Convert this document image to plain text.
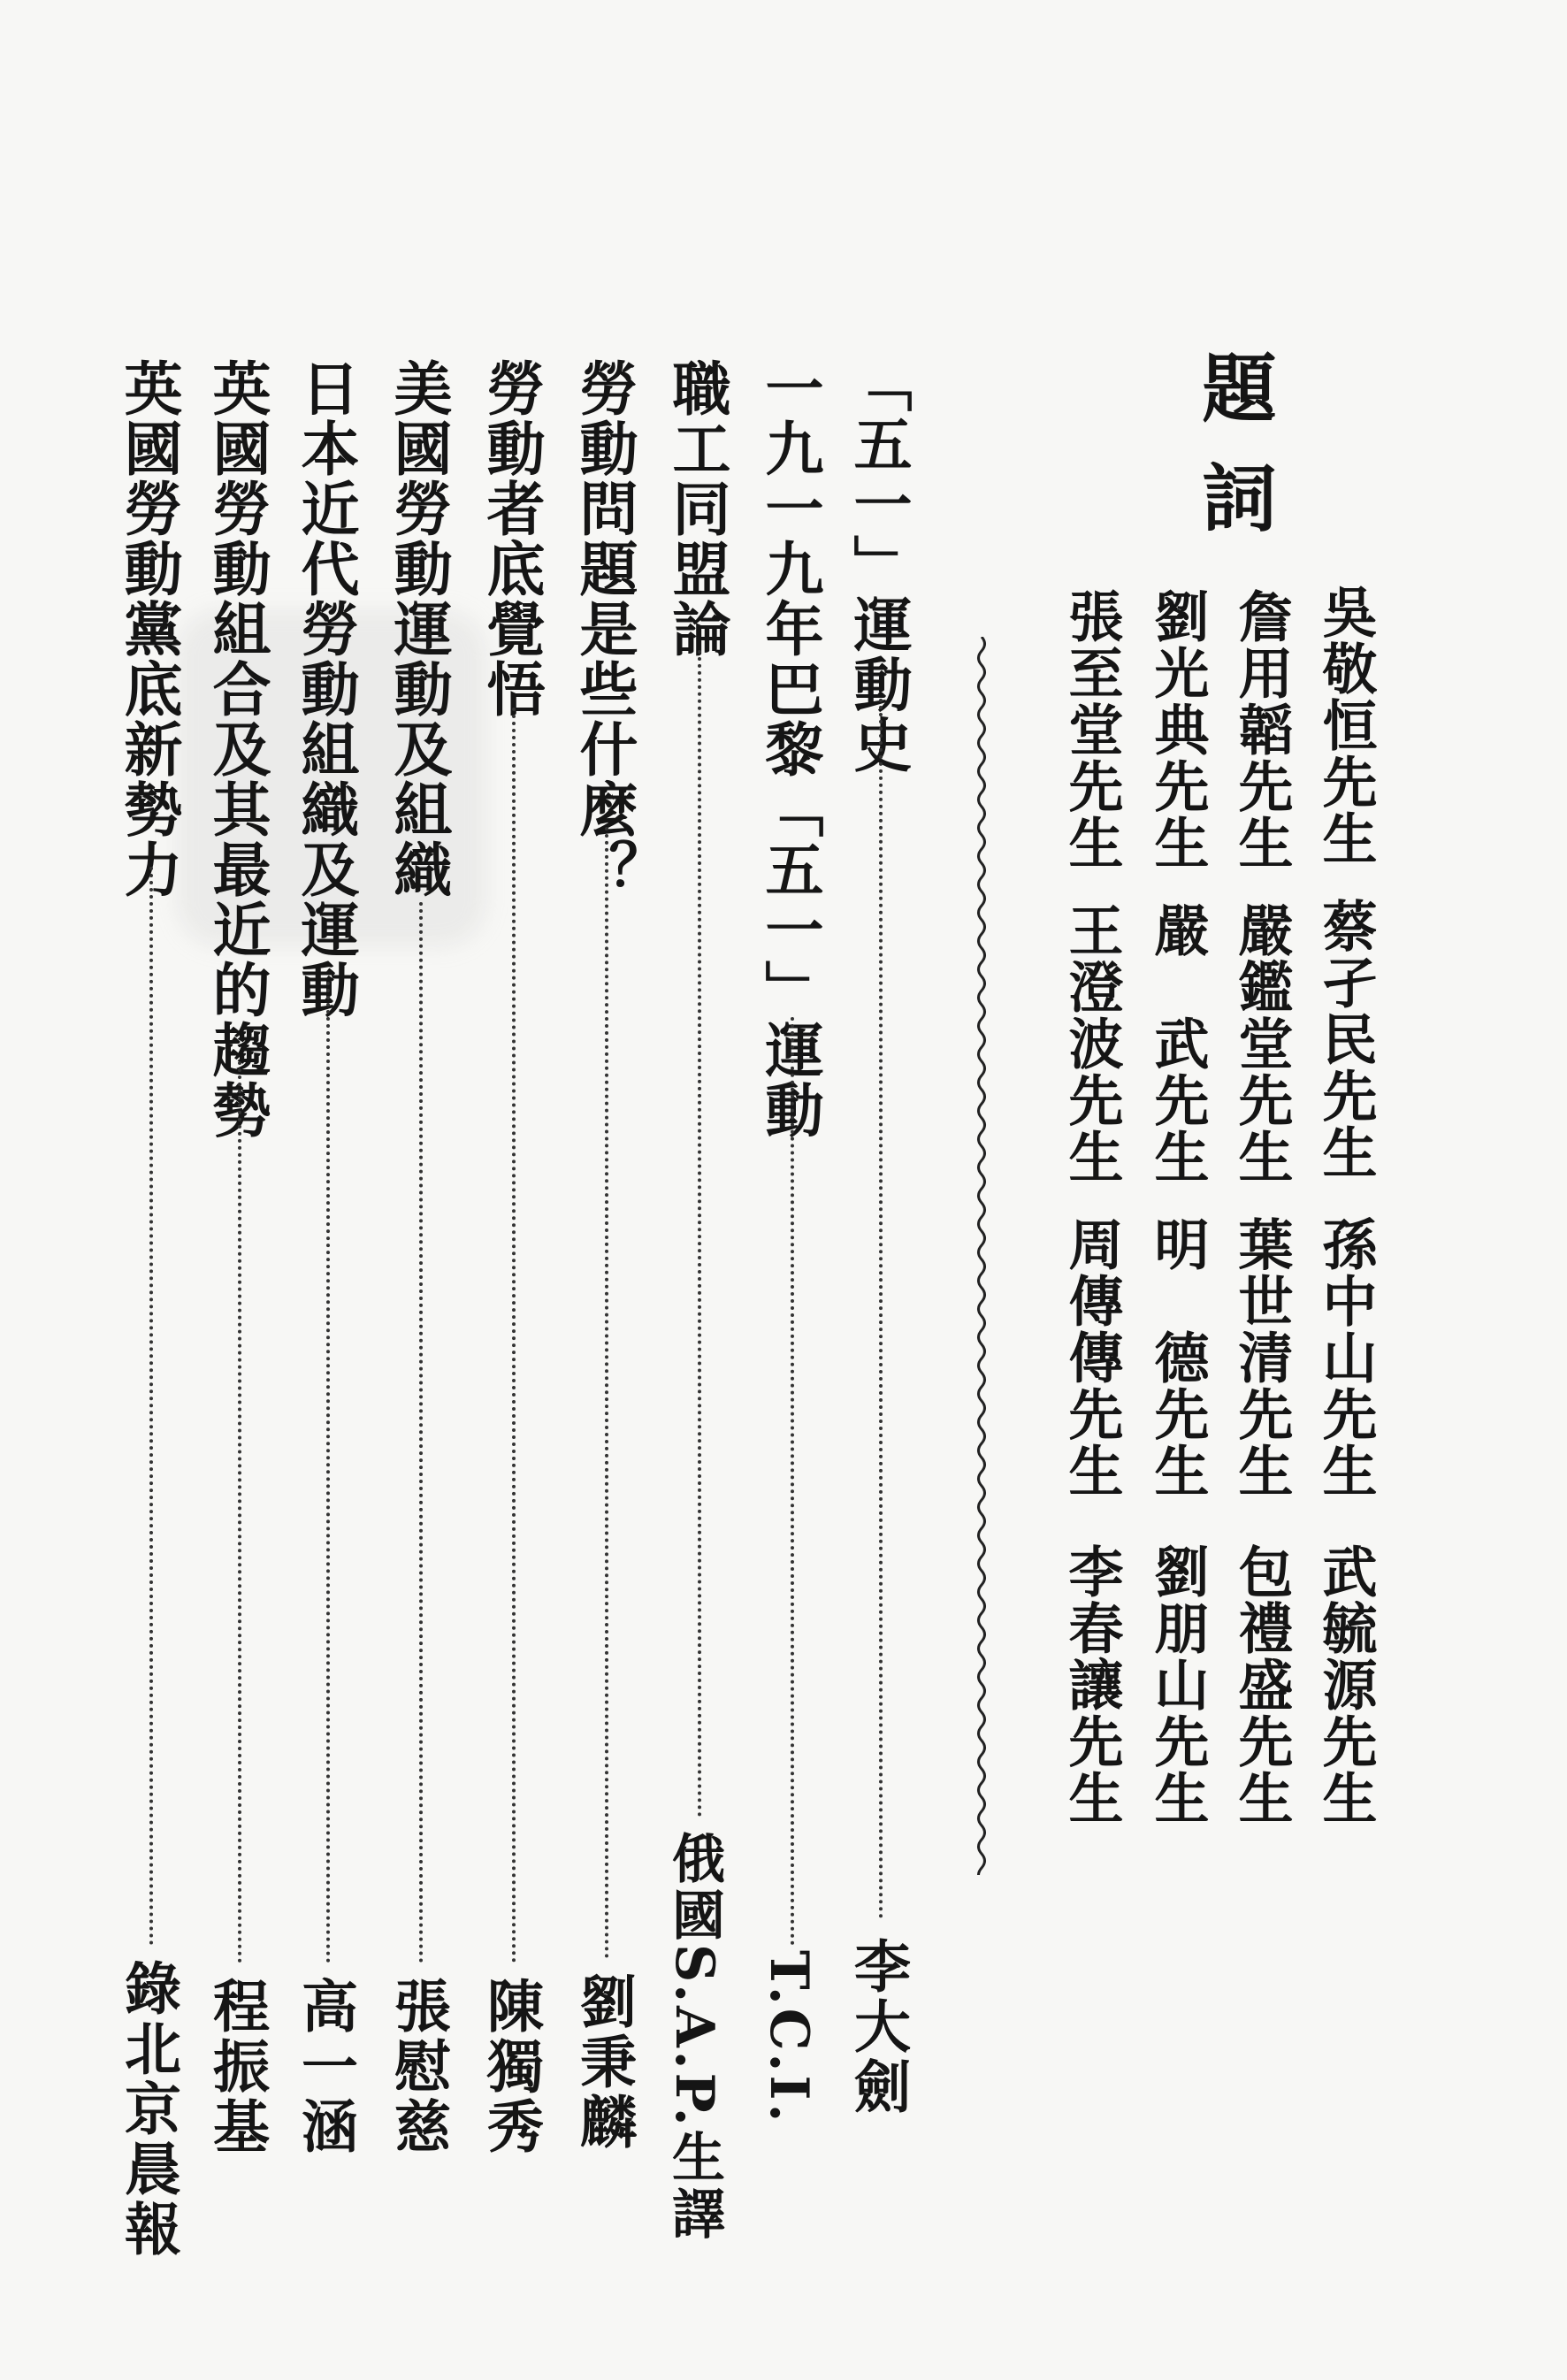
題詞
吳敬恒先生
蔡孑民先生
孫中山先生
武毓源先生
詹用韜先生
嚴鑑堂先生
葉世清先生
包禮盛先生
劉光典先生
嚴　武先生
明　德先生
劉朋山先生
張至堂先生
王澄波先生
周傳傳先生
李春讓先生
「五一」運動史
一九一九年巴黎「五一」運動
職工同盟論
勞動問題是些什麼？
勞動者底覺悟
美國勞動運動及組織
日本近代勞動組織及運動
英國勞動組合及其最近的趨勢
英國勞動黨底新勢力
李大劍
T.C.I.
俄國S.A.P.生譯
劉秉麟
陳獨秀
張慰慈
高一涵
程振基
錄北京晨報
